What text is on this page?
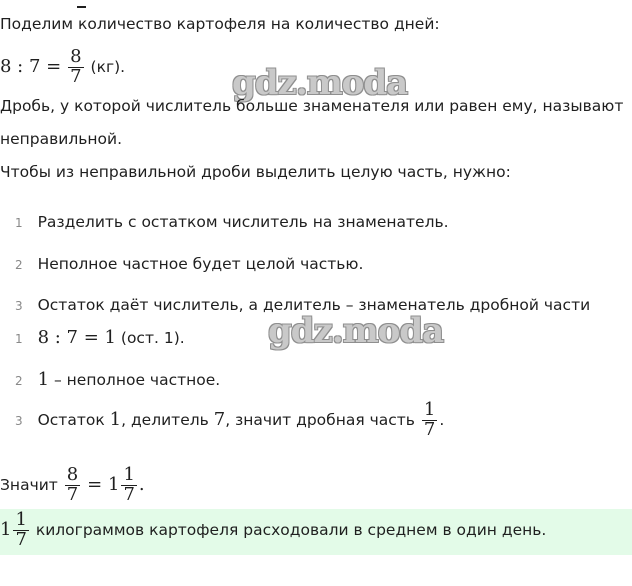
Поделим количество картофеля на количество дней:
8 : $7 = \frac{8}{7} (кг)$.	gdz.moda
Дробь, у которой числитель больше знаменателя или равен ему, называют
неправильной.
Чтобы из неправильной дроби выделить целую часть, нужно:
1 Разделить с остатком числитель на знаменатель.
2 Неполное частное будет целой частью.
3 Остаток даёт числитель, а делитель – знаменатель дробной части
gdz.moda
1 8 : 7 = 1 (ост. 1).
2 1 – неполное частное.
3 Остаток 1, делитель 7, значит дробная часть $\frac{1}{7}$ .
Значит $\frac{8}{7} = 1 \frac{1}{7}$ .
$1 \frac{1}{7}$ килограммов картофеля расходовали в среднем в один день.
